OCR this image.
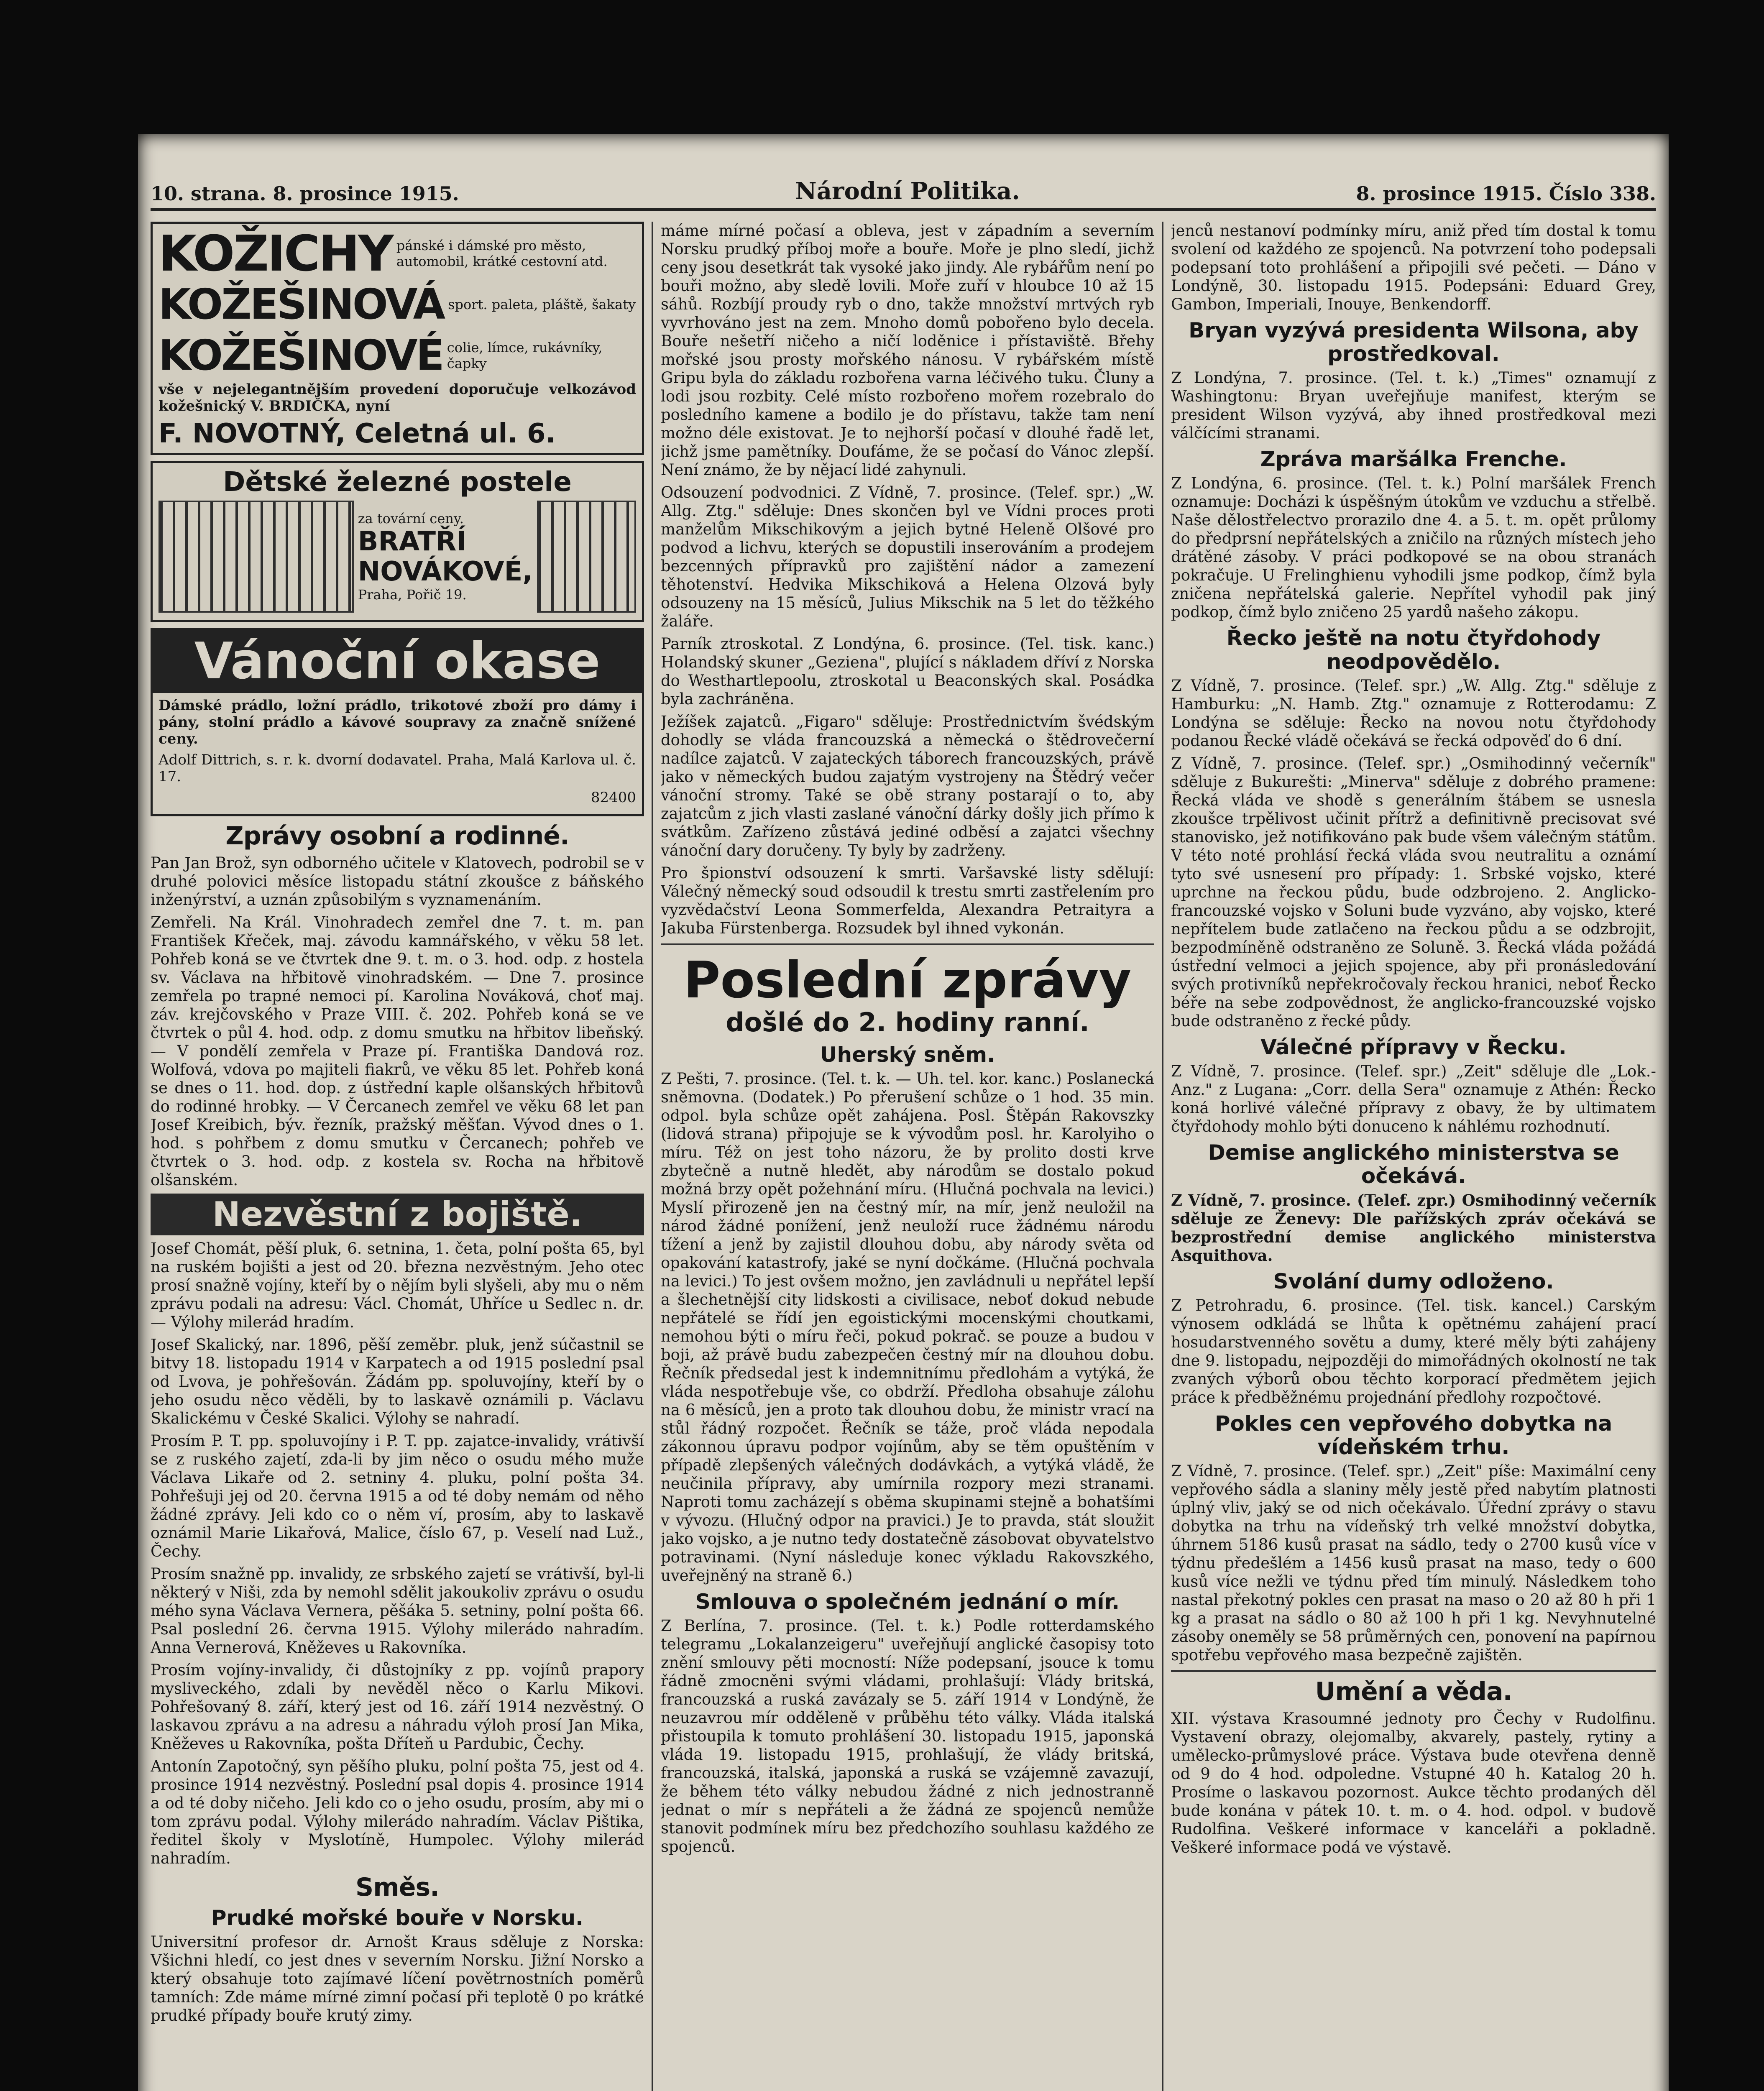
10. strana. 8. prosince 1915.	Národní Politika.	8. prosince 1915. Číslo 338.
KOŽICHY pánské i dámské pro město, automobil, krátké cestovní atd.
KOŽEŠINOVÁ sport. paleta, pláště, šakaty
KOŽEŠINOVÉ colie, límce, rukávníky, čapky

vše v nejelegantnějším provedení doporučuje velkozávod kožešnický V. BRDIČKA, nyní

F. NOVOTNÝ, Celetná ul. 6.
Dětské železné postele
za tovární ceny.
BRATŘÍ NOVÁKOVÉ,
Praha, Pořič 19.
Vánoční okase

Dámské prádlo, ložní prádlo, trikotové zboží pro dámy i pány, stolní prádlo a kávové soupravy za značně snížené ceny.

Adolf Dittrich, s. r. k. dvorní dodavatel. Praha, Malá Karlova ul. č. 17.

82400

Zprávy osobní a rodinné.

Pan Jan Brož, syn odborného učitele v Klatovech, podrobil se v druhé polovici měsíce listopadu státní zkoušce z báňského inženýrství, a uznán způsobilým s vyznamenáním.

Zemřeli. Na Král. Vinohradech zemřel dne 7. t. m. pan František Křeček, maj. závodu kamnářského, v věku 58 let. Pohřeb koná se ve čtvrtek dne 9. t. m. o 3. hod. odp. z hostela sv. Václava na hřbitově vinohradském. — Dne 7. prosince zemřela po trapné nemoci pí. Karolina Nováková, choť maj. záv. krejčovského v Praze VIII. č. 202. Pohřeb koná se ve čtvrtek o půl 4. hod. odp. z domu smutku na hřbitov libeňský. — V pondělí zemřela v Praze pí. Františka Dandová roz. Wolfová, vdova po majiteli fiakrů, ve věku 85 let. Pohřeb koná se dnes o 11. hod. dop. z ústřední kaple olšanských hřbitovů do rodinné hrobky. — V Čercanech zemřel ve věku 68 let pan Josef Kreibich, býv. řezník, pražský měšťan. Vývod dnes o 1. hod. s pohřbem z domu smutku v Čercanech; pohřeb ve čtvrtek o 3. hod. odp. z kostela sv. Rocha na hřbitově olšanském.

Nezvěstní z bojiště.

Josef Chomát, pěší pluk, 6. setnina, 1. četa, polní pošta 65, byl na ruském bojišti a jest od 20. března nezvěstným. Jeho otec prosí snažně vojíny, kteří by o nějím byli slyšeli, aby mu o něm zprávu podali na adresu: Václ. Chomát, Uhříce u Sedlec n. dr. — Výlohy milerád hradím.

Josef Skalický, nar. 1896, pěší zeměbr. pluk, jenž súčastnil se bitvy 18. listopadu 1914 v Karpatech a od 1915 poslední psal od Lvova, je pohřešován. Žádám pp. spoluvojíny, kteří by o jeho osudu něco věděli, by to laskavě oznámili p. Václavu Skalickému v České Skalici. Výlohy se nahradí.

Prosím P. T. pp. spoluvojíny i P. T. pp. zajatce-invalidy, vrátivší se z ruského zajetí, zda-li by jim něco o osudu mého muže Václava Likaře od 2. setniny 4. pluku, polní pošta 34. Pohřešuji jej od 20. června 1915 a od té doby nemám od něho žádné zprávy. Jeli kdo co o něm ví, prosím, aby to laskavě oznámil Marie Likařová, Malice, číslo 67, p. Veselí nad Luž., Čechy.

Prosím snažně pp. invalidy, ze srbského zajetí se vrátivší, byl-li některý v Niši, zda by nemohl sdělit jakoukoliv zprávu o osudu mého syna Václava Vernera, pěšáka 5. setniny, polní pošta 66. Psal poslední 26. června 1915. Výlohy milerádo nahradím. Anna Vernerová, Kněževes u Rakovníka.

Prosím vojíny-invalidy, či důstojníky z pp. vojínů prapory mysliveckého, zdali by nevěděl něco o Karlu Mikovi. Pohřešovaný 8. září, který jest od 16. září 1914 nezvěstný. O laskavou zprávu a na adresu a náhradu výloh prosí Jan Mika, Kněževes u Rakovníka, pošta Dříteň u Pardubic, Čechy.

Antonín Zapotočný, syn pěšího pluku, polní pošta 75, jest od 4. prosince 1914 nezvěstný. Poslední psal dopis 4. prosince 1914 a od té doby ničeho. Jeli kdo co o jeho osudu, prosím, aby mi o tom zprávu podal. Výlohy milerádo nahradím. Václav Pištika, ředitel školy v Myslotíně, Humpolec. Výlohy milerád nahradím.

Směs.
Prudké mořské bouře v Norsku.

Universitní profesor dr. Arnošt Kraus sděluje z Norska: Všichni hledí, co jest dnes v severním Norsku. Jižní Norsko a který obsahuje toto zajímavé líčení povětrnostních poměrů tamních: Zde máme mírné zimní počasí při teplotě 0 po krátké prudké případy bouře krutý zimy.

máme mírné počasí a obleva, jest v západním a severním Norsku prudký příboj moře a bouře. Moře je plno sledí, jichž ceny jsou desetkrát tak vysoké jako jindy. Ale rybářům není po bouři možno, aby sledě lovili. Moře zuří v hloubce 10 až 15 sáhů. Rozbíjí proudy ryb o dno, takže množství mrtvých ryb vyvrhováno jest na zem. Mnoho domů pobořeno bylo decela. Bouře nešetří ničeho a ničí loděnice i přístaviště. Břehy mořské jsou prosty mořského nánosu. V rybářském místě Gripu byla do základu rozbořena varna léčivého tuku. Čluny a lodi jsou rozbity. Celé místo rozbořeno mořem rozebralo do posledního kamene a bodilo je do přístavu, takže tam není možno déle existovat. Je to nejhorší počasí v dlouhé řadě let, jichž jsme pamětníky. Doufáme, že se počasí do Vánoc zlepší. Není známo, že by nějací lidé zahynuli.

Odsouzení podvodnici. Z Vídně, 7. prosince. (Telef. spr.) „W. Allg. Ztg." sděluje: Dnes skončen byl ve Vídni proces proti manželům Mikschikovým a jejich bytné Heleně Olšové pro podvod a lichvu, kterých se dopustili inserováním a prodejem bezcenných přípravků pro zajištění nádor a zamezení těhotenství. Hedvika Mikschiková a Helena Olzová byly odsouzeny na 15 měsíců, Julius Mikschik na 5 let do těžkého žaláře.

Parník ztroskotal. Z Londýna, 6. prosince. (Tel. tisk. kanc.) Holandský skuner „Geziena", plující s nákladem dříví z Norska do Westhartlepoolu, ztroskotal u Beaconských skal. Posádka byla zachráněna.

Ježíšek zajatců. „Figaro" sděluje: Prostřednictvím švédským dohodly se vláda francouzská a německá o štědrovečerní nadílce zajatců. V zajateckých táborech francouzských, právě jako v německých budou zajatým vystrojeny na Štědrý večer vánoční stromy. Také se obě strany postarají o to, aby zajatcům z jich vlasti zaslané vánoční dárky došly jich přímo k svátkům. Zařízeno zůstává jediné odběsí a zajatci všechny vánoční dary doručeny. Ty byly by zadrženy.

Pro špionství odsouzení k smrti. Varšavské listy sdělují: Válečný německý soud odsoudil k trestu smrti zastřelením pro vyzvědačství Leona Sommerfelda, Alexandra Petraityra a Jakuba Fürstenberga. Rozsudek byl ihned vykonán.

Poslední zprávy
došlé do 2. hodiny ranní.
Uherský sněm.

Z Pešti, 7. prosince. (Tel. t. k. — Uh. tel. kor. kanc.) Poslanecká sněmovna. (Dodatek.) Po přerušení schůze o 1 hod. 35 min. odpol. byla schůze opět zahájena. Posl. Štěpán Rakovszky (lidová strana) připojuje se k vývodům posl. hr. Karolyiho o míru. Též on jest toho názoru, že by prolito dosti krve zbytečně a nutně hledět, aby národům se dostalo pokud možná brzy opět požehnání míru. (Hlučná pochvala na levici.) Myslí přirozeně jen na čestný mír, na mír, jenž neuložil na národ žádné ponížení, jenž neuloží ruce žádnému národu tížení a jenž by zajistil dlouhou dobu, aby národy světa od opakování katastrofy, jaké se nyní dočkáme. (Hlučná pochvala na levici.) To jest ovšem možno, jen zavládnuli u nepřátel lepší a šlechetnější city lidskosti a civilisace, neboť dokud nebude nepřátelé se řídí jen egoistickými mocenskými choutkami, nemohou býti o míru řeči, pokud pokrač. se pouze a budou v boji, až právě budu zabezpečen čestný mír na dlouhou dobu. Řečník předsedal jest k indemnitnímu předlohám a vytýká, že vláda nespotřebuje vše, co obdrží. Předloha obsahuje zálohu na 6 měsíců, jen a proto tak dlouhou dobu, že ministr vrací na stůl řádný rozpočet. Řečník se táže, proč vláda nepodala zákonnou úpravu podpor vojínům, aby se těm opuštěním v případě zlepšených válečných dodávkách, a vytýká vládě, že neučinila přípravy, aby umírnila rozpory mezi stranami. Naproti tomu zacházejí s oběma skupinami stejně a bohatšími v vývozu. (Hlučný odpor na pravici.) Je to pravda, stát sloužit jako vojsko, a je nutno tedy dostatečně zásobovat obyvatelstvo potravinami. (Nyní následuje konec výkladu Rakovszkého, uveřejněný na straně 6.)

Smlouva o společném jednání o mír.

Z Berlína, 7. prosince. (Tel. t. k.) Podle rotterdamského telegramu „Lokalanzeigeru" uveřejňují anglické časopisy toto znění smlouvy pěti mocností: Níže podepsaní, jsouce k tomu řádně zmocněni svými vládami, prohlašují: Vlády britská, francouzská a ruská zavázaly se 5. září 1914 v Londýně, že neuzavrou mír odděleně v průběhu této války. Vláda italská přistoupila k tomuto prohlášení 30. listopadu 1915, japonská vláda 19. listopadu 1915, prohlašují, že vlády britská, francouzská, italská, japonská a ruská se vzájemně zavazují, že během této války nebudou žádné z nich jednostranně jednat o mír s nepřáteli a že žádná ze spojenců nemůže stanovit podmínek míru bez předchozího souhlasu každého ze spojenců.

jenců nestanoví podmínky míru, aniž před tím dostal k tomu svolení od každého ze spojenců. Na potvrzení toho podepsali podepsaní toto prohlášení a připojili své pečeti. — Dáno v Londýně, 30. listopadu 1915. Podepsáni: Eduard Grey, Gambon, Imperiali, Inouye, Benkendorff.

Bryan vyzývá presidenta Wilsona, aby prostředkoval.

Z Londýna, 7. prosince. (Tel. t. k.) „Times" oznamují z Washingtonu: Bryan uveřejňuje manifest, kterým se president Wilson vyzývá, aby ihned prostředkoval mezi válčícími stranami.

Zpráva maršálka Frenche.

Z Londýna, 6. prosince. (Tel. t. k.) Polní maršálek French oznamuje: Docházi k úspěšným útokům ve vzduchu a střelbě. Naše dělostřelectvo prorazilo dne 4. a 5. t. m. opět průlomy do předprsní nepřátelských a zničilo na různých místech jeho drátěné zásoby. V práci podkopové se na obou stranách pokračuje. U Frelinghienu vyhodili jsme podkop, čímž byla zničena nepřátelská galerie. Nepřítel vyhodil pak jiný podkop, čímž bylo zničeno 25 yardů našeho zákopu.

Řecko ještě na notu čtyřdohody neodpovědělo.

Z Vídně, 7. prosince. (Telef. spr.) „W. Allg. Ztg." sděluje z Hamburku: „N. Hamb. Ztg." oznamuje z Rotterodamu: Z Londýna se sděluje: Řecko na novou notu čtyřdohody podanou Řecké vládě očekává se řecká odpověď do 6 dní.

Z Vídně, 7. prosince. (Telef. spr.) „Osmihodinný večerník" sděluje z Bukurešti: „Minerva" sděluje z dobrého pramene: Řecká vláda ve shodě s generálním štábem se usnesla zkoušce trpělivost učinit přítrž a definitivně precisovat své stanovisko, jež notifikováno pak bude všem válečným státům. V této noté prohlásí řecká vláda svou neutralitu a oznámí tyto své usnesení pro případy: 1. Srbské vojsko, které uprchne na řeckou půdu, bude odzbrojeno. 2. Anglicko-francouzské vojsko v Soluni bude vyzváno, aby vojsko, které nepřítelem bude zatlačeno na řeckou půdu a se odzbrojit, bezpodmíněně odstraněno ze Soluně. 3. Řecká vláda požádá ústřední velmoci a jejich spojence, aby při pronásledování svých protivníků nepřekročovaly řeckou hranici, neboť Řecko béře na sebe zodpovědnost, že anglicko-francouzské vojsko bude odstraněno z řecké půdy.

Válečné přípravy v Řecku.

Z Vídně, 7. prosince. (Telef. spr.) „Zeit" sděluje dle „Lok.-Anz." z Lugana: „Corr. della Sera" oznamuje z Athén: Řecko koná horlivé válečné přípravy z obavy, že by ultimatem čtyřdohody mohlo býti donuceno k náhlému rozhodnutí.

Demise anglického ministerstva se očekává.

Z Vídně, 7. prosince. (Telef. zpr.) Osmihodinný večerník sděluje ze Ženevy: Dle pařížských zpráv očekává se bezprostřední demise anglického ministerstva Asquithova.

Svolání dumy odloženo.

Z Petrohradu, 6. prosince. (Tel. tisk. kancel.) Carským výnosem odkládá se lhůta k opětnému zahájení prací hosudarstvenného sovětu a dumy, které měly býti zahájeny dne 9. listopadu, nejpozději do mimořádných okolností ne tak zvaných výborů obou těchto korporací předmětem jejich práce k předběžnému projednání předlohy rozpočtové.

Pokles cen vepřového dobytka na vídeňském trhu.

Z Vídně, 7. prosince. (Telef. spr.) „Zeit" píše: Maximální ceny vepřového sádla a slaniny měly jestě před nabytím platnosti úplný vliv, jaký se od nich očekávalo. Úřední zprávy o stavu dobytka na trhu na vídeňský trh velké množství dobytka, úhrnem 5186 kusů prasat na sádlo, tedy o 2700 kusů více v týdnu předešlém a 1456 kusů prasat na maso, tedy o 600 kusů více nežli ve týdnu před tím minulý. Následkem toho nastal překotný pokles cen prasat na maso o 20 až 80 h při 1 kg a prasat na sádlo o 80 až 100 h při 1 kg. Nevyhnutelné zásoby oneměly se 58 průměrných cen, ponovení na papírnou spotřebu vepřového masa bezpečně zajištěn.

Umění a věda.

XII. výstava Krasoumné jednoty pro Čechy v Rudolfinu. Vystavení obrazy, olejomalby, akvarely, pastely, rytiny a umělecko-průmyslové práce. Výstava bude otevřena denně od 9 do 4 hod. odpoledne. Vstupné 40 h. Katalog 20 h. Prosíme o laskavou pozornost. Aukce těchto prodaných děl bude konána v pátek 10. t. m. o 4. hod. odpol. v budově Rudolfina. Veškeré informace v kanceláři a pokladně. Veškeré informace podá ve výstavě.
